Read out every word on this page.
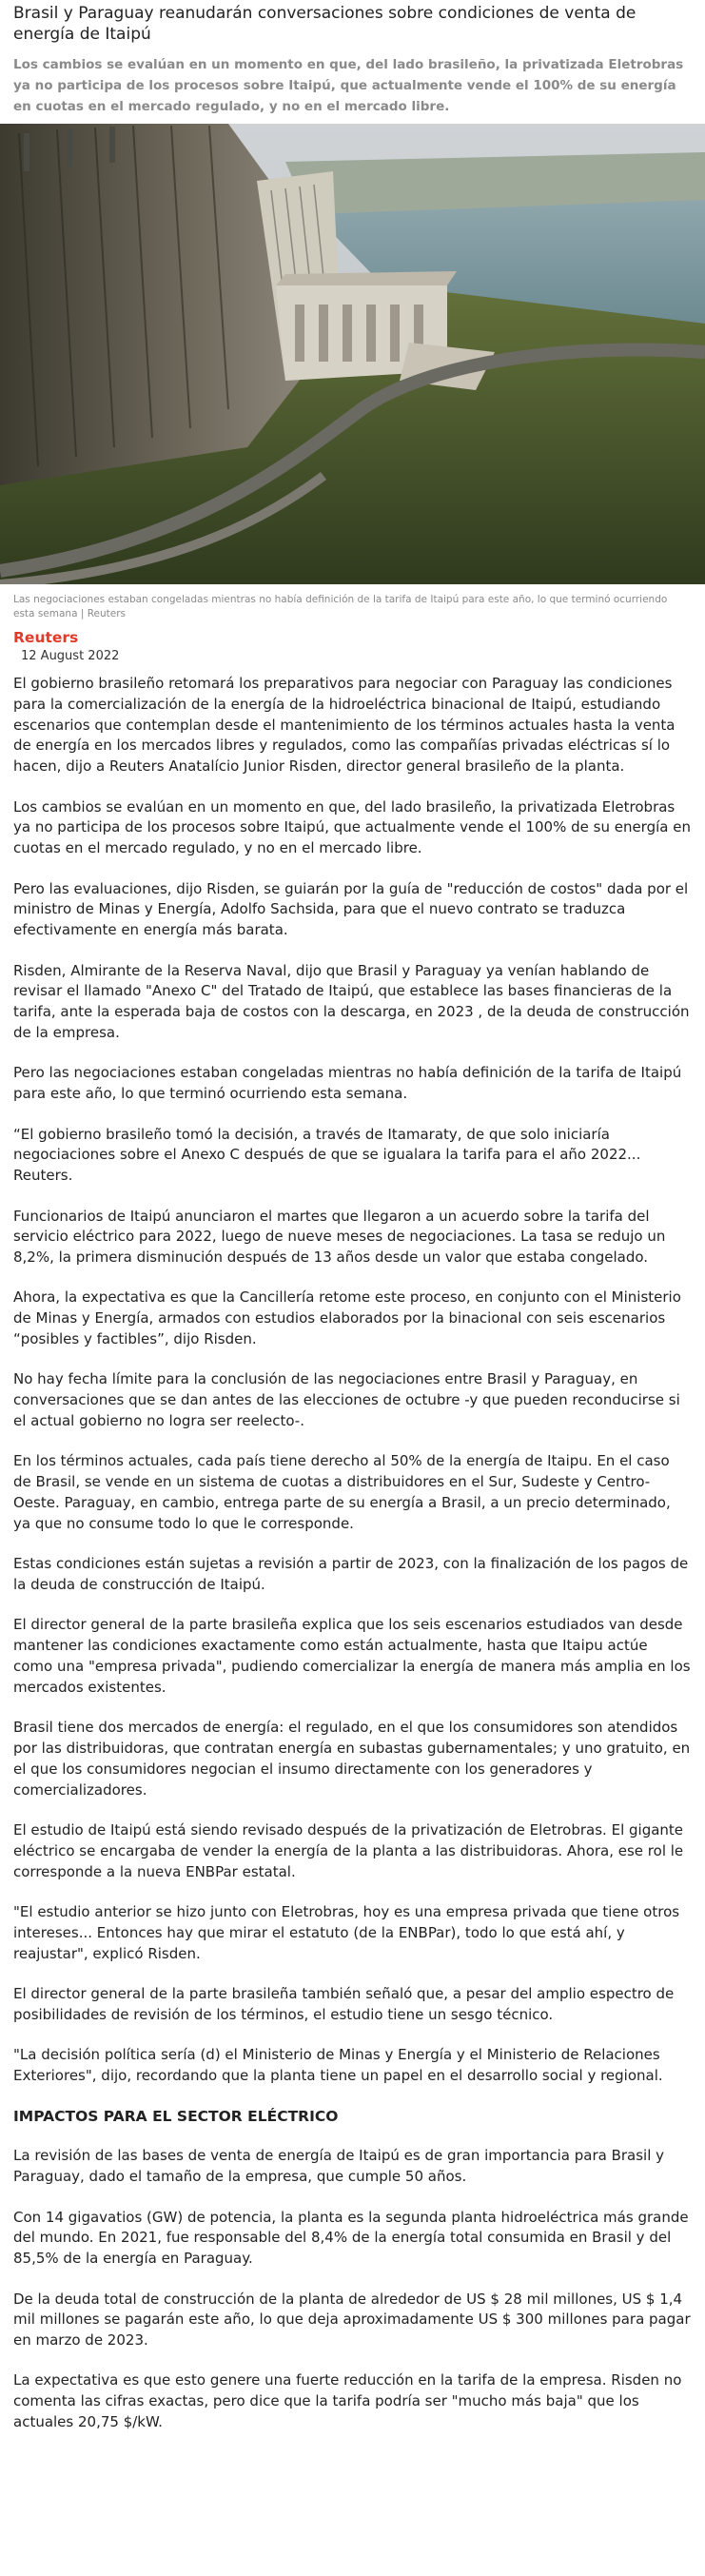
Brasil y Paraguay reanudarán conversaciones sobre condiciones de venta de energía de Itaipú

Los cambios se evalúan en un momento en que, del lado brasileño, la privatizada Eletrobras ya no participa de los procesos sobre Itaipú, que actualmente vende el 100% de su energía en cuotas en el mercado regulado, y no en el mercado libre.

Las negociaciones estaban congeladas mientras no había definición de la tarifa de Itaipú para este año, lo que terminó ocurriendo esta semana | Reuters

Reuters

12 August 2022

El gobierno brasileño retomará los preparativos para negociar con Paraguay las condiciones para la comercialización de la energía de la hidroeléctrica binacional de Itaipú, estudiando escenarios que contemplan desde el mantenimiento de los términos actuales hasta la venta de energía en los mercados libres y regulados, como las compañías privadas eléctricas sí lo hacen, dijo a Reuters Anatalício Junior Risden, director general brasileño de la planta.

Los cambios se evalúan en un momento en que, del lado brasileño, la privatizada Eletrobras ya no participa de los procesos sobre Itaipú, que actualmente vende el 100% de su energía en cuotas en el mercado regulado, y no en el mercado libre.

Pero las evaluaciones, dijo Risden, se guiarán por la guía de "reducción de costos" dada por el ministro de Minas y Energía, Adolfo Sachsida, para que el nuevo contrato se traduzca efectivamente en energía más barata.

Risden, Almirante de la Reserva Naval, dijo que Brasil y Paraguay ya venían hablando de revisar el llamado "Anexo C" del Tratado de Itaipú, que establece las bases financieras de la tarifa, ante la esperada baja de costos con la descarga, en 2023 , de la deuda de construcción de la empresa.

Pero las negociaciones estaban congeladas mientras no había definición de la tarifa de Itaipú para este año, lo que terminó ocurriendo esta semana.

“El gobierno brasileño tomó la decisión, a través de Itamaraty, de que solo iniciaría negociaciones sobre el Anexo C después de que se igualara la tarifa para el año 2022... Reuters.

Funcionarios de Itaipú anunciaron el martes que llegaron a un acuerdo sobre la tarifa del servicio eléctrico para 2022, luego de nueve meses de negociaciones. La tasa se redujo un 8,2%, la primera disminución después de 13 años desde un valor que estaba congelado.

Ahora, la expectativa es que la Cancillería retome este proceso, en conjunto con el Ministerio de Minas y Energía, armados con estudios elaborados por la binacional con seis escenarios “posibles y factibles”, dijo Risden.

No hay fecha límite para la conclusión de las negociaciones entre Brasil y Paraguay, en conversaciones que se dan antes de las elecciones de octubre -y que pueden reconducirse si el actual gobierno no logra ser reelecto-.

En los términos actuales, cada país tiene derecho al 50% de la energía de Itaipu. En el caso de Brasil, se vende en un sistema de cuotas a distribuidores en el Sur, Sudeste y Centro-Oeste. Paraguay, en cambio, entrega parte de su energía a Brasil, a un precio determinado, ya que no consume todo lo que le corresponde.

Estas condiciones están sujetas a revisión a partir de 2023, con la finalización de los pagos de la deuda de construcción de Itaipú.

El director general de la parte brasileña explica que los seis escenarios estudiados van desde mantener las condiciones exactamente como están actualmente, hasta que Itaipu actúe como una "empresa privada", pudiendo comercializar la energía de manera más amplia en los mercados existentes.

Brasil tiene dos mercados de energía: el regulado, en el que los consumidores son atendidos por las distribuidoras, que contratan energía en subastas gubernamentales; y uno gratuito, en el que los consumidores negocian el insumo directamente con los generadores y comercializadores.

El estudio de Itaipú está siendo revisado después de la privatización de Eletrobras. El gigante eléctrico se encargaba de vender la energía de la planta a las distribuidoras. Ahora, ese rol le corresponde a la nueva ENBPar estatal.

"El estudio anterior se hizo junto con Eletrobras, hoy es una empresa privada que tiene otros intereses... Entonces hay que mirar el estatuto (de la ENBPar), todo lo que está ahí, y reajustar", explicó Risden.

El director general de la parte brasileña también señaló que, a pesar del amplio espectro de posibilidades de revisión de los términos, el estudio tiene un sesgo técnico.

"La decisión política sería (d) el Ministerio de Minas y Energía y el Ministerio de Relaciones Exteriores", dijo, recordando que la planta tiene un papel en el desarrollo social y regional.

IMPACTOS PARA EL SECTOR ELÉCTRICO

La revisión de las bases de venta de energía de Itaipú es de gran importancia para Brasil y Paraguay, dado el tamaño de la empresa, que cumple 50 años.

Con 14 gigavatios (GW) de potencia, la planta es la segunda planta hidroeléctrica más grande del mundo. En 2021, fue responsable del 8,4% de la energía total consumida en Brasil y del 85,5% de la energía en Paraguay.

De la deuda total de construcción de la planta de alrededor de US $ 28 mil millones, US $ 1,4 mil millones se pagarán este año, lo que deja aproximadamente US $ 300 millones para pagar en marzo de 2023.

La expectativa es que esto genere una fuerte reducción en la tarifa de la empresa. Risden no comenta las cifras exactas, pero dice que la tarifa podría ser "mucho más baja" que los actuales 20,75 $/kW.
